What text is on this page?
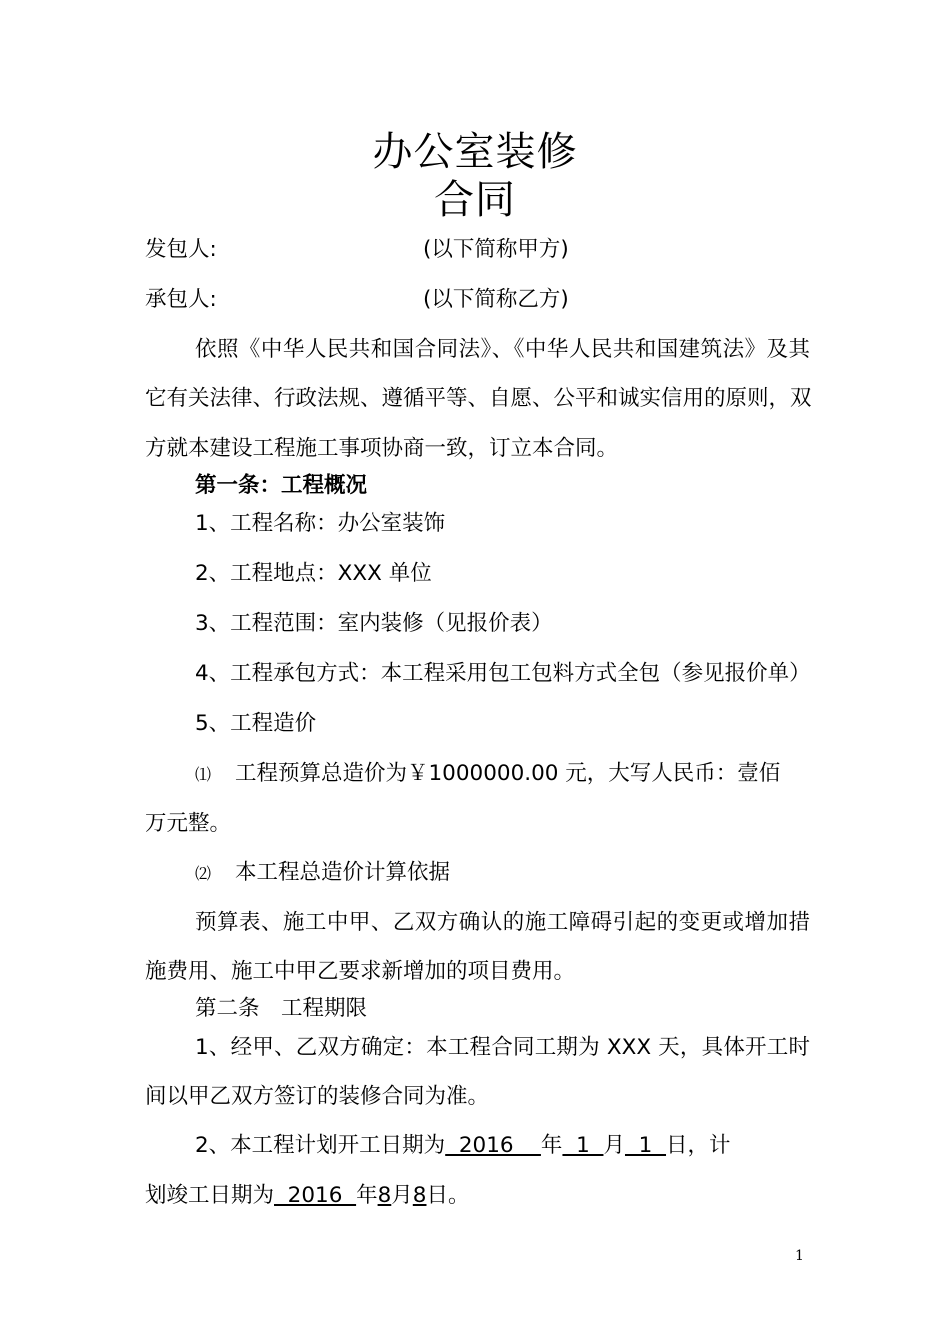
办公室装修
合同
发包人:	(以下简称甲方)
承包人:	(以下简称乙方)
依照《中华人民共和国合同法》、《中华人民共和国建筑法》及其
它有关法律、行政法规、遵循平等、自愿、公平和诚实信用的原则，双
方就本建设工程施工事项协商一致，订立本合同。
第一条：工程概况
1、工程名称：办公室装饰
2、工程地点：XXX 单位
3、工程范围：室内装修（见报价表）
4、工程承包方式：本工程采用包工包料方式全包（参见报价单）
5、工程造价
⑴ 工程预算总造价为￥1000000.00 元，大写人民币：壹佰
万元整。
⑵ 本工程总造价计算依据
预算表、施工中甲、乙双方确认的施工障碍引起的变更或增加措
施费用、施工中甲乙要求新增加的项目费用。
第二条　工程期限
1、经甲、乙双方确定：本工程合同工期为 XXX 天，具体开工时
间以甲乙双方签订的装修合同为准。
2、本工程计划开工日期为  2016    年  1  月  1  日，计
划竣工日期为  2016  年8月8日。
1
